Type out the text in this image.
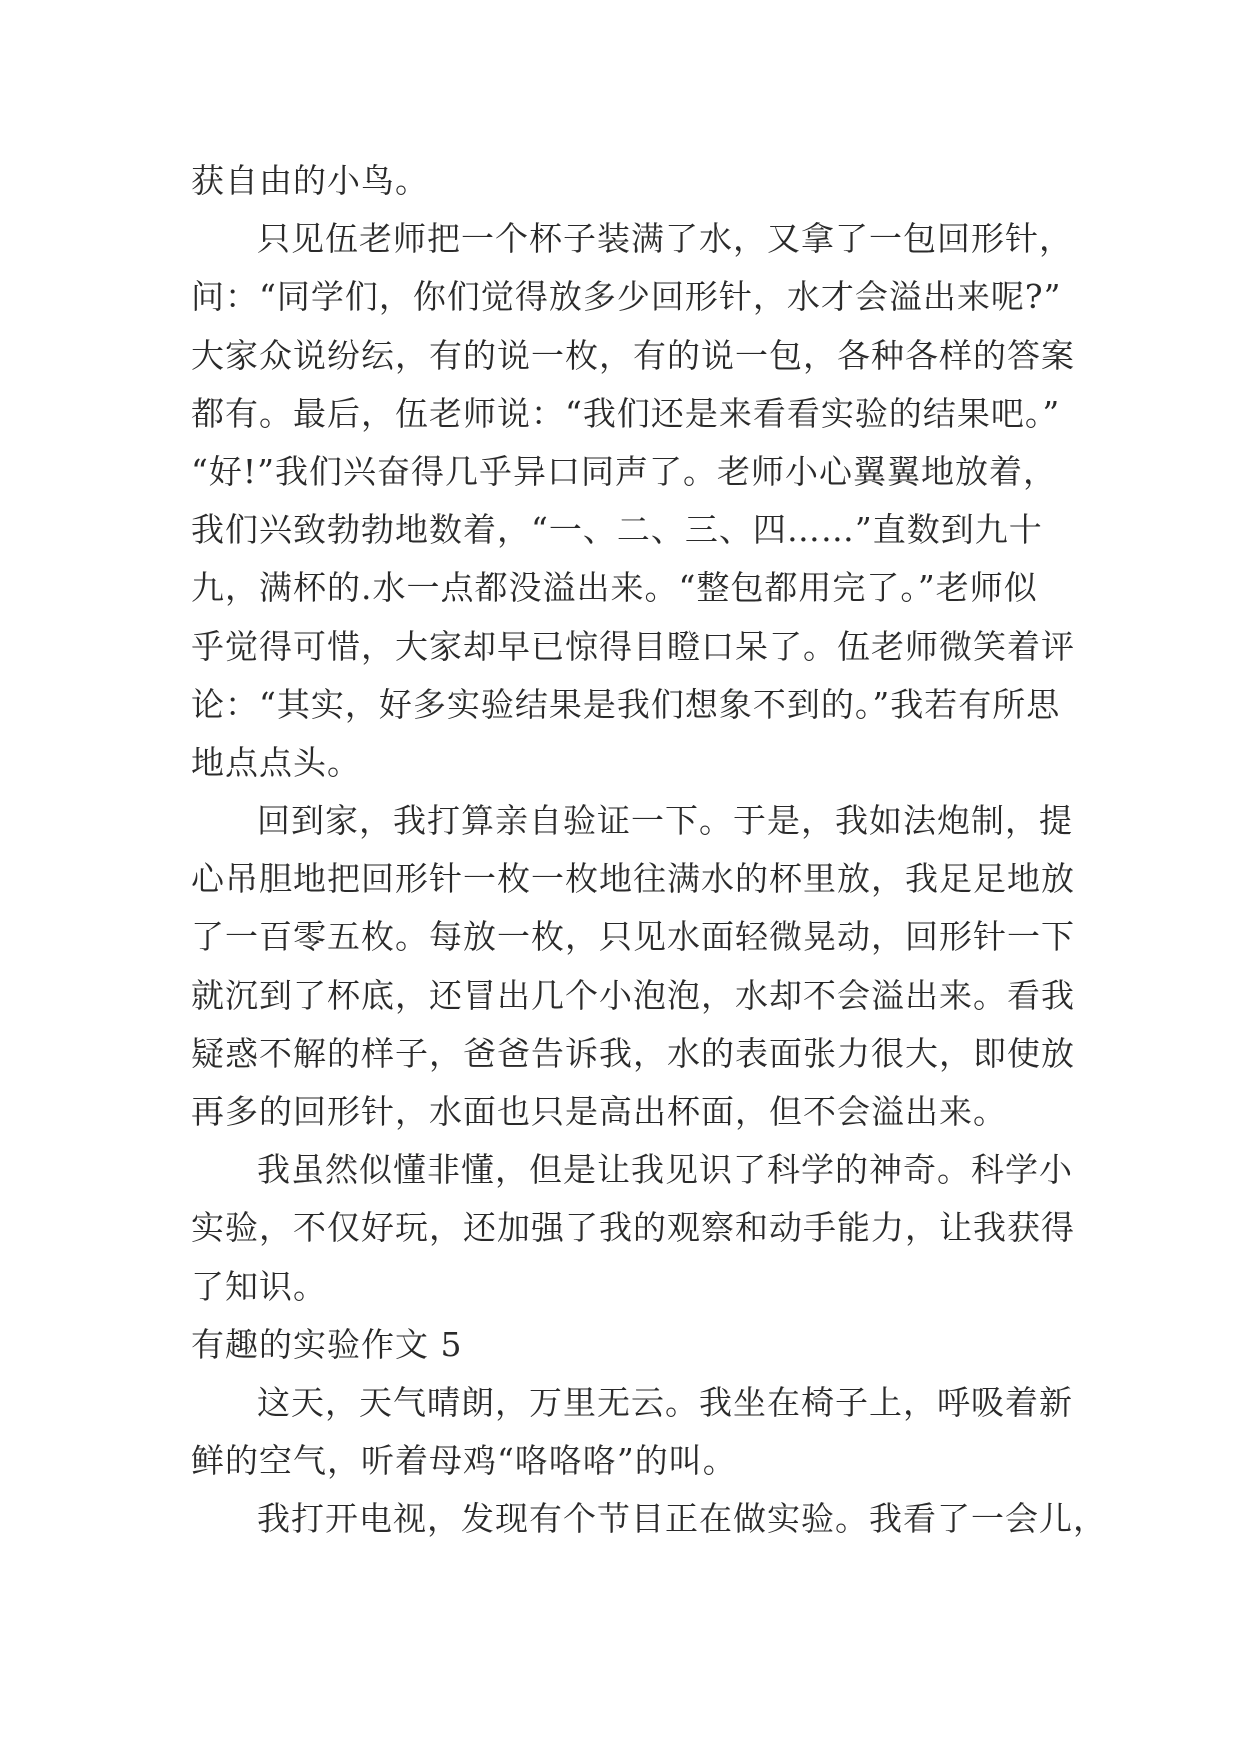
获自由的小鸟。
只见伍老师把一个杯子装满了水，又拿了一包回形针，
问：“同学们，你们觉得放多少回形针，水才会溢出来呢?”
大家众说纷纭，有的说一枚，有的说一包，各种各样的答案
都有。最后，伍老师说：“我们还是来看看实验的结果吧。”
“好!”我们兴奋得几乎异口同声了。老师小心翼翼地放着，
我们兴致勃勃地数着，“一、二、三、四……”直数到九十
九，满杯的.水一点都没溢出来。“整包都用完了。”老师似
乎觉得可惜，大家却早已惊得目瞪口呆了。伍老师微笑着评
论：“其实，好多实验结果是我们想象不到的。”我若有所思
地点点头。
回到家，我打算亲自验证一下。于是，我如法炮制，提
心吊胆地把回形针一枚一枚地往满水的杯里放，我足足地放
了一百零五枚。每放一枚，只见水面轻微晃动，回形针一下
就沉到了杯底，还冒出几个小泡泡，水却不会溢出来。看我
疑惑不解的样子，爸爸告诉我，水的表面张力很大，即使放
再多的回形针，水面也只是高出杯面，但不会溢出来。
我虽然似懂非懂，但是让我见识了科学的神奇。科学小
实验，不仅好玩，还加强了我的观察和动手能力，让我获得
了知识。
有趣的实验作文 5
这天，天气晴朗，万里无云。我坐在椅子上，呼吸着新
鲜的空气，听着母鸡“咯咯咯”的叫。
我打开电视，发现有个节目正在做实验。我看了一会儿，
